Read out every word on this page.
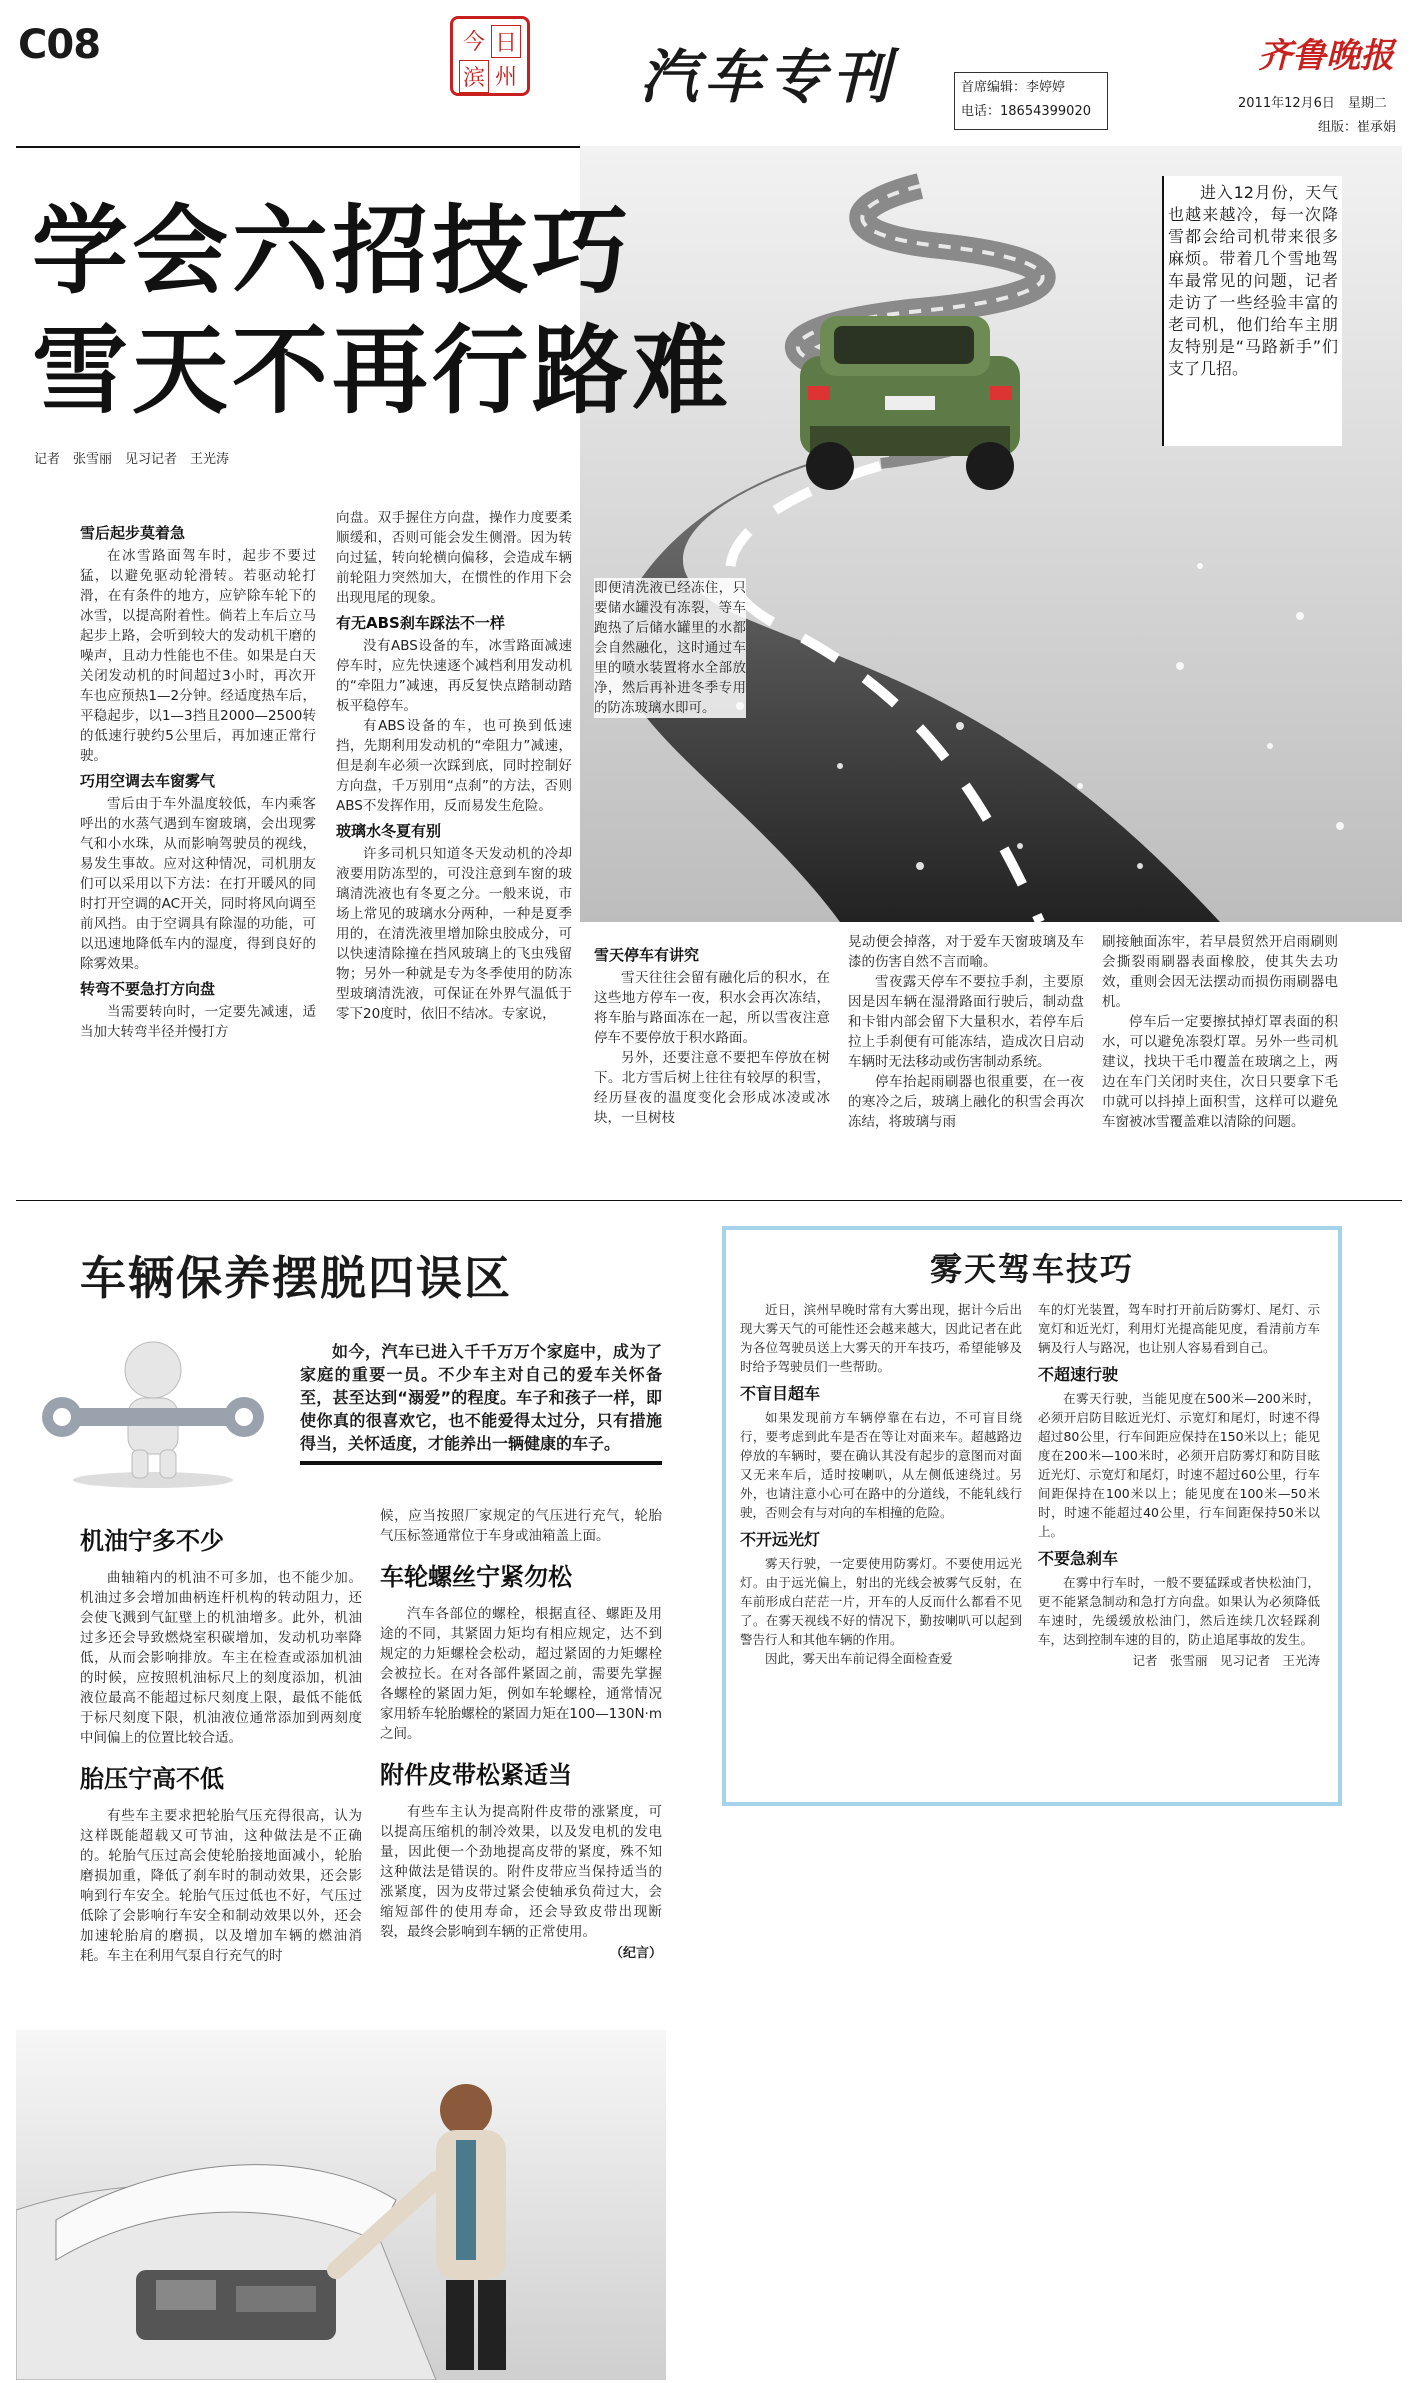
C08	今 日
滨 州 汽车专刊	首席编辑：李婷婷
电话：18654399020
齐鲁晚报
2011年12月6日　星期二
组版：崔承娟
学会六招技巧
雪天不再行路难
记者　张雪丽　见习记者　王光涛

进入12月份，天气也越来越冷，每一次降雪都会给司机带来很多麻烦。带着几个雪地驾车最常见的问题，记者走访了一些经验丰富的老司机，他们给车主朋友特别是“马路新手”们支了几招。

雪后起步莫着急

在冰雪路面驾车时，起步不要过猛，以避免驱动轮滑转。若驱动轮打滑，在有条件的地方，应铲除车轮下的冰雪，以提高附着性。倘若上车后立马起步上路，会听到较大的发动机干磨的噪声，且动力性能也不佳。如果是白天关闭发动机的时间超过3小时，再次开车也应预热1—2分钟。经适度热车后，平稳起步，以1—3挡且2000—2500转的低速行驶约5公里后，再加速正常行驶。

巧用空调去车窗雾气

雪后由于车外温度较低，车内乘客呼出的水蒸气遇到车窗玻璃，会出现雾气和小水珠，从而影响驾驶员的视线，易发生事故。应对这种情况，司机朋友们可以采用以下方法：在打开暖风的同时打开空调的AC开关，同时将风向调至前风挡。由于空调具有除湿的功能，可以迅速地降低车内的湿度，得到良好的除雾效果。

转弯不要急打方向盘

当需要转向时，一定要先减速，适当加大转弯半径并慢打方

向盘。双手握住方向盘，操作力度要柔顺缓和，否则可能会发生侧滑。因为转向过猛，转向轮横向偏移，会造成车辆前轮阻力突然加大，在惯性的作用下会出现甩尾的现象。

有无ABS刹车踩法不一样

没有ABS设备的车，冰雪路面减速停车时，应先快速逐个减档利用发动机的“牵阻力”减速，再反复快点踏制动踏板平稳停车。

有ABS设备的车，也可换到低速挡，先期利用发动机的“牵阻力”减速，但是刹车必须一次踩到底，同时控制好方向盘，千万别用“点刹”的方法，否则ABS不发挥作用，反而易发生危险。

玻璃水冬夏有别

许多司机只知道冬天发动机的冷却液要用防冻型的，可没注意到车窗的玻璃清洗液也有冬夏之分。一般来说，市场上常见的玻璃水分两种，一种是夏季用的，在清洗液里增加除虫胶成分，可以快速清除撞在挡风玻璃上的飞虫残留物；另外一种就是专为冬季使用的防冻型玻璃清洗液，可保证在外界气温低于零下20度时，依旧不结冰。专家说，

即便清洗液已经冻住，只要储水罐没有冻裂，等车跑热了后储水罐里的水都会自然融化，这时通过车里的喷水装置将水全部放净，然后再补进冬季专用的防冻玻璃水即可。

雪天停车有讲究

雪天往往会留有融化后的积水，在这些地方停车一夜，积水会再次冻结，将车胎与路面冻在一起，所以雪夜注意停车不要停放于积水路面。

另外，还要注意不要把车停放在树下。北方雪后树上往往有较厚的积雪，经历昼夜的温度变化会形成冰凌或冰块，一旦树枝

晃动便会掉落，对于爱车天窗玻璃及车漆的伤害自然不言而喻。

雪夜露天停车不要拉手刹，主要原因是因车辆在湿滑路面行驶后，制动盘和卡钳内部会留下大量积水，若停车后拉上手刹便有可能冻结，造成次日启动车辆时无法移动或伤害制动系统。

停车抬起雨刷器也很重要，在一夜的寒冷之后，玻璃上融化的积雪会再次冻结，将玻璃与雨

刷接触面冻牢，若早晨贸然开启雨刷则会撕裂雨刷器表面橡胶，使其失去功效，重则会因无法摆动而损伤雨刷器电机。

停车后一定要擦拭掉灯罩表面的积水，可以避免冻裂灯罩。另外一些司机建议，找块干毛巾覆盖在玻璃之上，两边在车门关闭时夹住，次日只要拿下毛巾就可以抖掉上面积雪，这样可以避免车窗被冰雪覆盖难以清除的问题。

车辆保养摆脱四误区

如今，汽车已进入千千万万个家庭中，成为了家庭的重要一员。不少车主对自己的爱车关怀备至，甚至达到“溺爱”的程度。车子和孩子一样，即使你真的很喜欢它，也不能爱得太过分，只有措施得当，关怀适度，才能养出一辆健康的车子。

机油宁多不少

曲轴箱内的机油不可多加，也不能少加。机油过多会增加曲柄连杆机构的转动阻力，还会使飞溅到气缸壁上的机油增多。此外，机油过多还会导致燃烧室积碳增加，发动机功率降低，从而会影响排放。车主在检查或添加机油的时候，应按照机油标尺上的刻度添加，机油液位最高不能超过标尺刻度上限，最低不能低于标尺刻度下限，机油液位通常添加到两刻度中间偏上的位置比较合适。

胎压宁高不低

有些车主要求把轮胎气压充得很高，认为这样既能超载又可节油，这种做法是不正确的。轮胎气压过高会使轮胎接地面减小，轮胎磨损加重，降低了刹车时的制动效果，还会影响到行车安全。轮胎气压过低也不好，气压过低除了会影响行车安全和制动效果以外，还会加速轮胎肩的磨损，以及增加车辆的燃油消耗。车主在利用气泵自行充气的时

候，应当按照厂家规定的气压进行充气，轮胎气压标签通常位于车身或油箱盖上面。

车轮螺丝宁紧勿松

汽车各部位的螺栓，根据直径、螺距及用途的不同，其紧固力矩均有相应规定，达不到规定的力矩螺栓会松动，超过紧固的力矩螺栓会被拉长。在对各部件紧固之前，需要先掌握各螺栓的紧固力矩，例如车轮螺栓，通常情况家用轿车轮胎螺栓的紧固力矩在100—130N·m之间。

附件皮带松紧适当

有些车主认为提高附件皮带的涨紧度，可以提高压缩机的制冷效果，以及发电机的发电量，因此便一个劲地提高皮带的紧度，殊不知这种做法是错误的。附件皮带应当保持适当的涨紧度，因为皮带过紧会使轴承负荷过大，会缩短部件的使用寿命，还会导致皮带出现断裂，最终会影响到车辆的正常使用。

（纪言）
雾天驾车技巧

近日，滨州早晚时常有大雾出现，据计今后出现大雾天气的可能性还会越来越大，因此记者在此为各位驾驶员送上大雾天的开车技巧，希望能够及时给予驾驶员们一些帮助。

不盲目超车

如果发现前方车辆停靠在右边，不可盲目绕行，要考虑到此车是否在等让对面来车。超越路边停放的车辆时，要在确认其没有起步的意图而对面又无来车后，适时按喇叭，从左侧低速绕过。另外，也请注意小心可在路中的分道线，不能轧线行驶，否则会有与对向的车相撞的危险。

不开远光灯

雾天行驶，一定要使用防雾灯。不要使用远光灯。由于远光偏上，射出的光线会被雾气反射，在车前形成白茫茫一片，开车的人反而什么都看不见了。在雾天视线不好的情况下，勤按喇叭可以起到警告行人和其他车辆的作用。

因此，雾天出车前记得全面检查爱

车的灯光装置，驾车时打开前后防雾灯、尾灯、示宽灯和近光灯，利用灯光提高能见度，看清前方车辆及行人与路况，也让别人容易看到自己。

不超速行驶

在雾天行驶，当能见度在500米—200米时，必须开启防目眩近光灯、示宽灯和尾灯，时速不得超过80公里，行车间距应保持在150米以上；能见度在200米—100米时，必须开启防雾灯和防目眩近光灯、示宽灯和尾灯，时速不超过60公里，行车间距保持在100米以上；能见度在100米—50米时，时速不能超过40公里，行车间距保持50米以上。

不要急刹车

在雾中行车时，一般不要猛踩或者快松油门，更不能紧急制动和急打方向盘。如果认为必须降低车速时，先缓缓放松油门，然后连续几次轻踩刹车，达到控制车速的目的，防止追尾事故的发生。

记者　张雪丽　见习记者　王光涛
